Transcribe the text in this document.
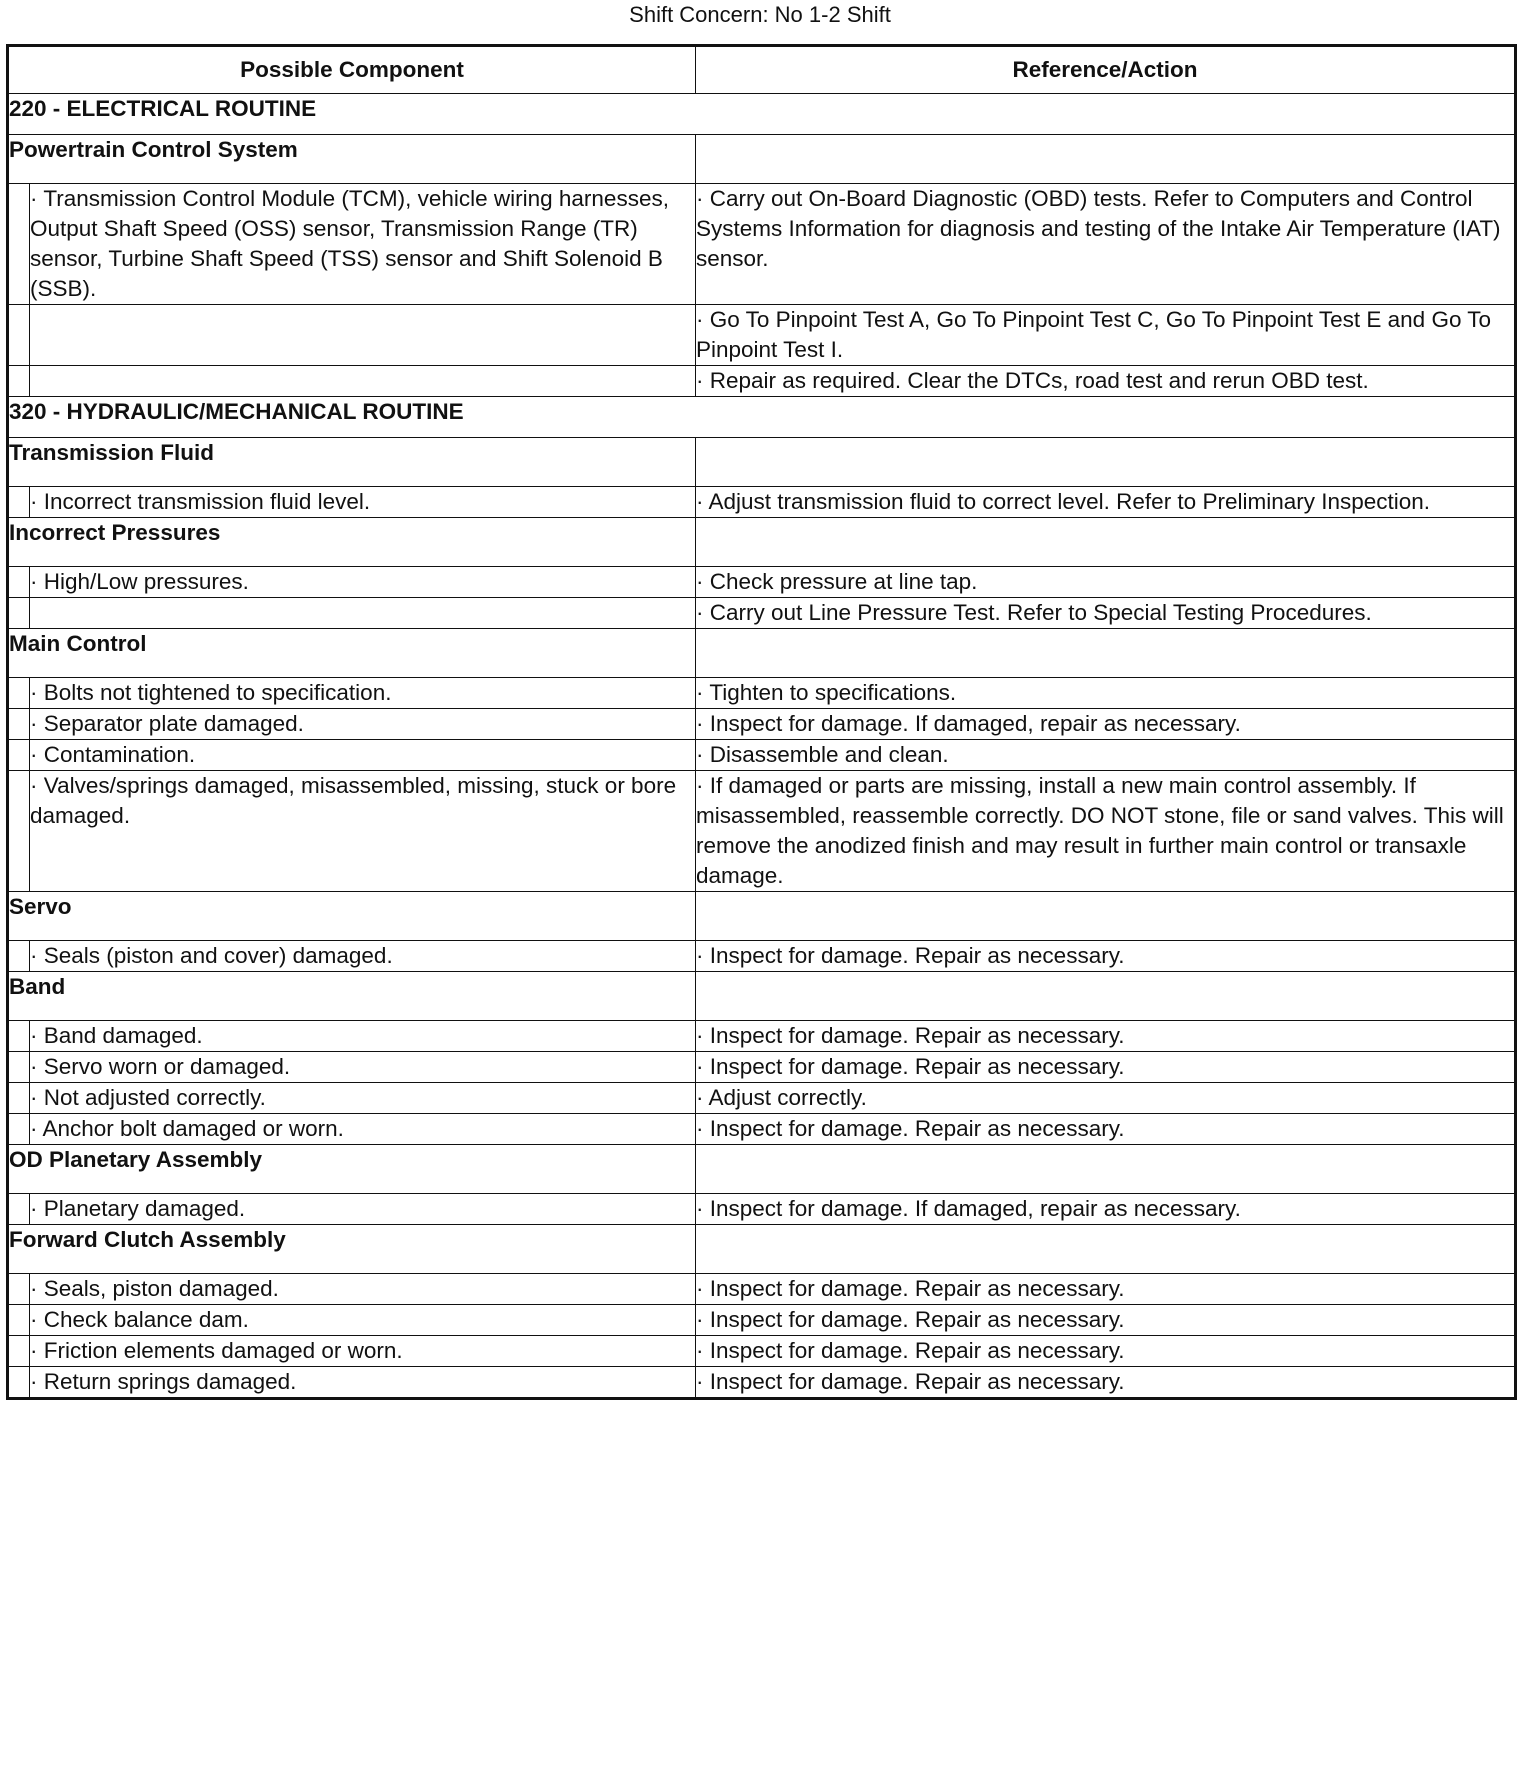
Shift Concern: No 1-2 Shift
Possible Component		Reference/Action
220 - ELECTRICAL ROUTINE		
Powertrain Control System		
	· Transmission Control Module (TCM), vehicle wiring harnesses, Output Shaft Speed (OSS) sensor, Transmission Range (TR) sensor, Turbine Shaft Speed (TSS) sensor and Shift Solenoid B (SSB).	· Carry out On-Board Diagnostic (OBD) tests. Refer to Computers and Control Systems Information for diagnosis and testing of the Intake Air Temperature (IAT) sensor.
		· Go To Pinpoint Test A, Go To Pinpoint Test C, Go To Pinpoint Test E and Go To Pinpoint Test I.
		· Repair as required. Clear the DTCs, road test and rerun OBD test.
320 - HYDRAULIC/MECHANICAL ROUTINE		
Transmission Fluid		
	· Incorrect transmission fluid level.	· Adjust transmission fluid to correct level. Refer to Preliminary Inspection.
Incorrect Pressures		
	· High/Low pressures.	· Check pressure at line tap.
		· Carry out Line Pressure Test. Refer to Special Testing Procedures.
Main Control		
	· Bolts not tightened to specification.	· Tighten to specifications.
	· Separator plate damaged.	· Inspect for damage. If damaged, repair as necessary.
	· Contamination.	· Disassemble and clean.
	· Valves/springs damaged, misassembled, missing, stuck or bore damaged.	· If damaged or parts are missing, install a new main control assembly. If misassembled, reassemble correctly. DO NOT stone, file or sand valves. This will remove the anodized finish and may result in further main control or transaxle damage.
Servo		
	· Seals (piston and cover) damaged.	· Inspect for damage. Repair as necessary.
Band		
	· Band damaged.	· Inspect for damage. Repair as necessary.
	· Servo worn or damaged.	· Inspect for damage. Repair as necessary.
	· Not adjusted correctly.	· Adjust correctly.
	· Anchor bolt damaged or worn.	· Inspect for damage. Repair as necessary.
OD Planetary Assembly		
	· Planetary damaged.	· Inspect for damage. If damaged, repair as necessary.
Forward Clutch Assembly		
	· Seals, piston damaged.	· Inspect for damage. Repair as necessary.
	· Check balance dam.	· Inspect for damage. Repair as necessary.
	· Friction elements damaged or worn.	· Inspect for damage. Repair as necessary.
	· Return springs damaged.	· Inspect for damage. Repair as necessary.
